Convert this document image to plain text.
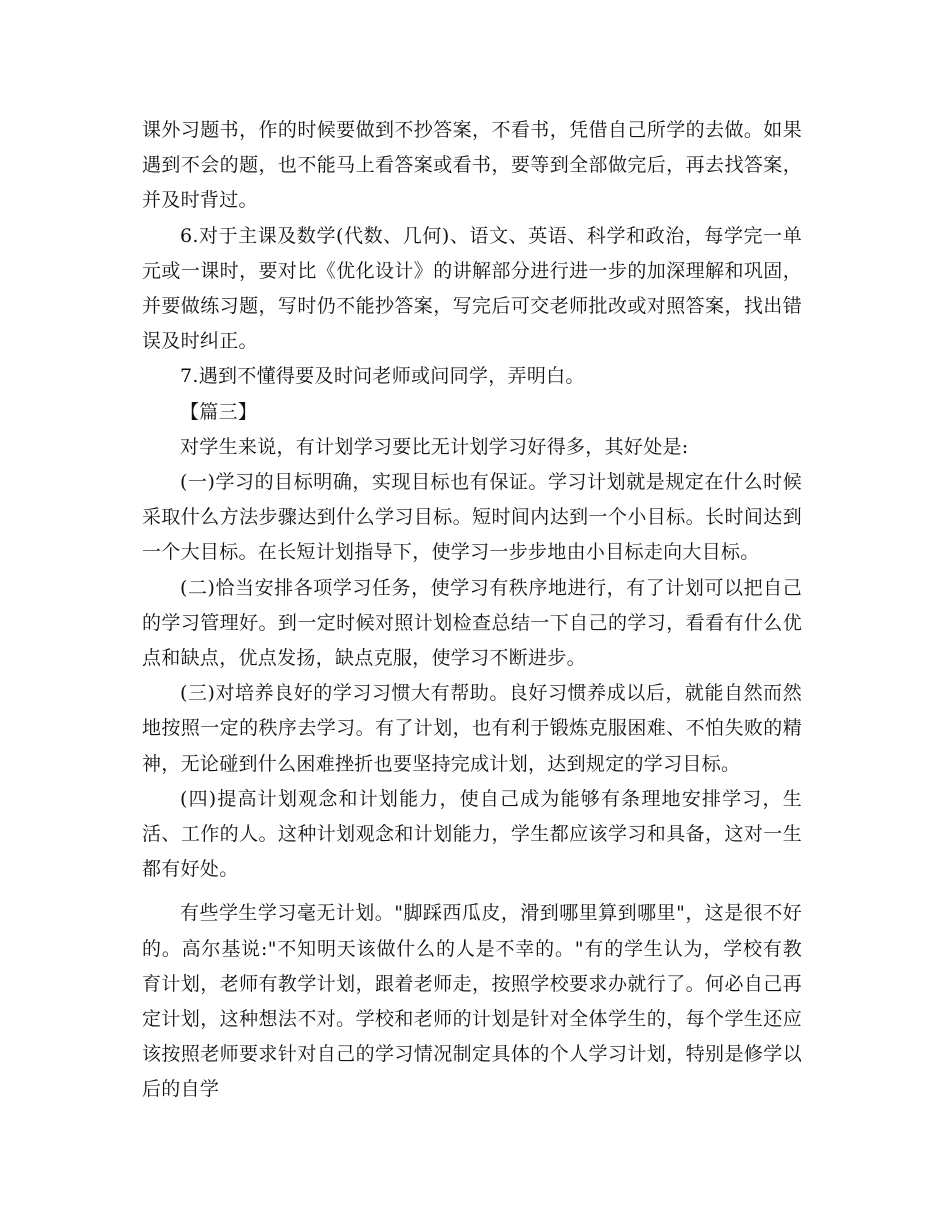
课外习题书，作的时候要做到不抄答案，不看书，凭借自己所学的去做。如果遇到不会的题，也不能马上看答案或看书，要等到全部做完后，再去找答案，并及时背过。

6.对于主课及数学(代数、几何)、语文、英语、科学和政治，每学完一单元或一课时，要对比《优化设计》的讲解部分进行进一步的加深理解和巩固，并要做练习题，写时仍不能抄答案，写完后可交老师批改或对照答案，找出错误及时纠正。

7.遇到不懂得要及时问老师或问同学，弄明白。

【篇三】

对学生来说，有计划学习要比无计划学习好得多，其好处是:

(一)学习的目标明确，实现目标也有保证。学习计划就是规定在什么时候采取什么方法步骤达到什么学习目标。短时间内达到一个小目标。长时间达到一个大目标。在长短计划指导下，使学习一步步地由小目标走向大目标。

(二)恰当安排各项学习任务，使学习有秩序地进行，有了计划可以把自己的学习管理好。到一定时候对照计划检查总结一下自己的学习，看看有什么优点和缺点，优点发扬，缺点克服，使学习不断进步。

(三)对培养良好的学习习惯大有帮助。良好习惯养成以后，就能自然而然地按照一定的秩序去学习。有了计划，也有利于锻炼克服困难、不怕失败的精神，无论碰到什么困难挫折也要坚持完成计划，达到规定的学习目标。

(四)提高计划观念和计划能力，使自己成为能够有条理地安排学习，生活、工作的人。这种计划观念和计划能力，学生都应该学习和具备，这对一生都有好处。

有些学生学习毫无计划。"脚踩西瓜皮，滑到哪里算到哪里"，这是很不好的。高尔基说:"不知明天该做什么的人是不幸的。"有的学生认为，学校有教育计划，老师有教学计划，跟着老师走，按照学校要求办就行了。何必自己再定计划，这种想法不对。学校和老师的计划是针对全体学生的，每个学生还应该按照老师要求针对自己的学习情况制定具体的个人学习计划，特别是修学以后的自学
